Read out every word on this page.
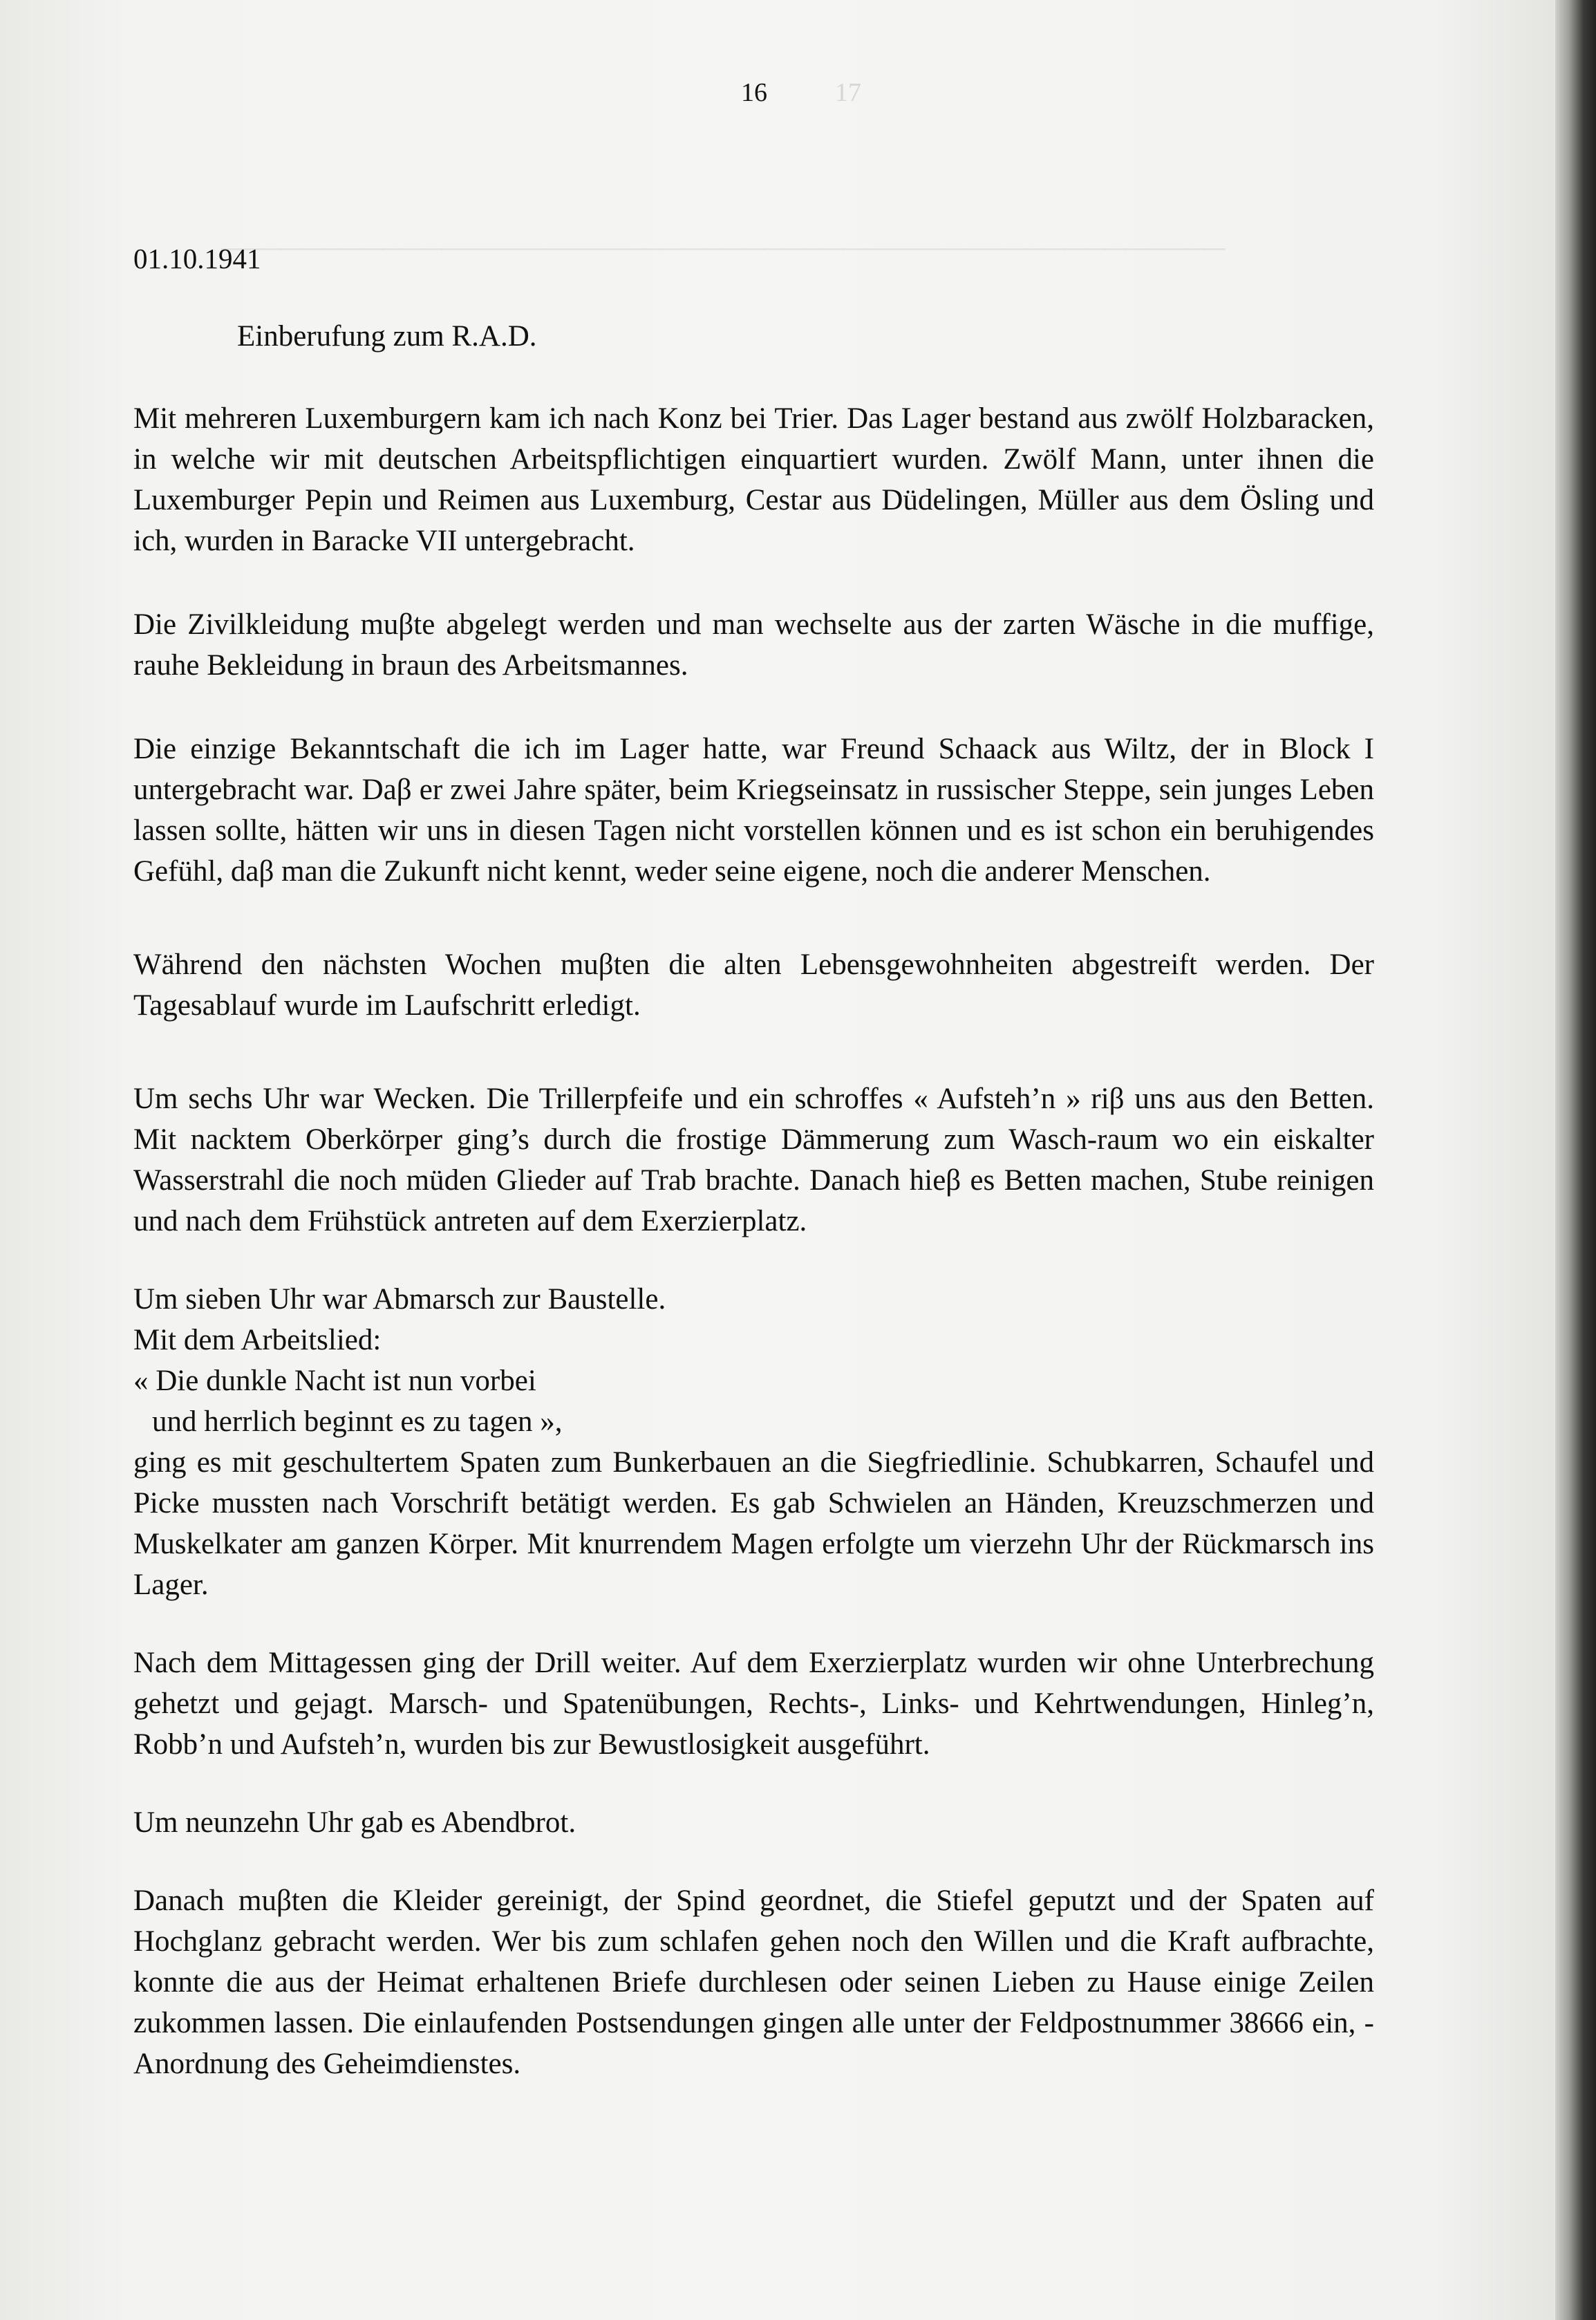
──────────────────────────────────────────────────

16	17
01.10.1941
Einberufung zum R.A.D.

Mit mehreren Luxemburgern kam ich nach Konz bei Trier. Das Lager bestand aus zwölf Holzbaracken, in welche wir mit deutschen Arbeitspflichtigen einquartiert wurden. Zwölf Mann, unter ihnen die Luxemburger Pepin und Reimen aus Luxemburg, Cestar aus Düdelingen, Müller aus dem Ösling und ich, wurden in Baracke VII untergebracht.

Die Zivilkleidung muβte abgelegt werden und man wechselte aus der zarten Wäsche in die muffige, rauhe Bekleidung in braun des Arbeitsmannes.

Die einzige Bekanntschaft die ich im Lager hatte, war Freund Schaack aus Wiltz, der in Block I untergebracht war. Daβ er zwei Jahre später, beim Kriegseinsatz in russischer Steppe, sein junges Leben lassen sollte, hätten wir uns in diesen Tagen nicht vorstellen können und es ist schon ein beruhigendes Gefühl, daβ man die Zukunft nicht kennt, weder seine eigene, noch die anderer Menschen.

Während den nächsten Wochen muβten die alten Lebensgewohnheiten abgestreift werden. Der Tagesablauf wurde im Laufschritt erledigt.

Um sechs Uhr war Wecken. Die Trillerpfeife und ein schroffes « Aufsteh’n » riβ uns aus den Betten. Mit nacktem Oberkörper ging’s durch die frostige Dämmerung zum Wasch-raum wo ein eiskalter Wasserstrahl die noch müden Glieder auf Trab brachte. Danach hieβ es Betten machen, Stube reinigen und nach dem Frühstück antreten auf dem Exerzierplatz.

Um sieben Uhr war Abmarsch zur Baustelle.
Mit dem Arbeitslied:
« Die dunkle Nacht ist nun vorbei
und herrlich beginnt es zu tagen »,
ging es mit geschultertem Spaten zum Bunkerbauen an die Siegfriedlinie. Schubkarren, Schaufel und Picke mussten nach Vorschrift betätigt werden. Es gab Schwielen an Händen, Kreuzschmerzen und Muskelkater am ganzen Körper. Mit knurrendem Magen erfolgte um vierzehn Uhr der Rückmarsch ins Lager.

Nach dem Mittagessen ging der Drill weiter. Auf dem Exerzierplatz wurden wir ohne Unterbrechung gehetzt und gejagt. Marsch- und Spatenübungen, Rechts-, Links- und Kehrtwendungen, Hinleg’n, Robb’n und Aufsteh’n, wurden bis zur Bewustlosigkeit ausgeführt.

Um neunzehn Uhr gab es Abendbrot.

Danach muβten die Kleider gereinigt, der Spind geordnet, die Stiefel geputzt und der Spaten auf Hochglanz gebracht werden. Wer bis zum schlafen gehen noch den Willen und die Kraft aufbrachte, konnte die aus der Heimat erhaltenen Briefe durchlesen oder seinen Lieben zu Hause einige Zeilen zukommen lassen. Die einlaufenden Postsendungen gingen alle unter der Feldpostnummer 38666 ein, - Anordnung des Geheimdienstes.
